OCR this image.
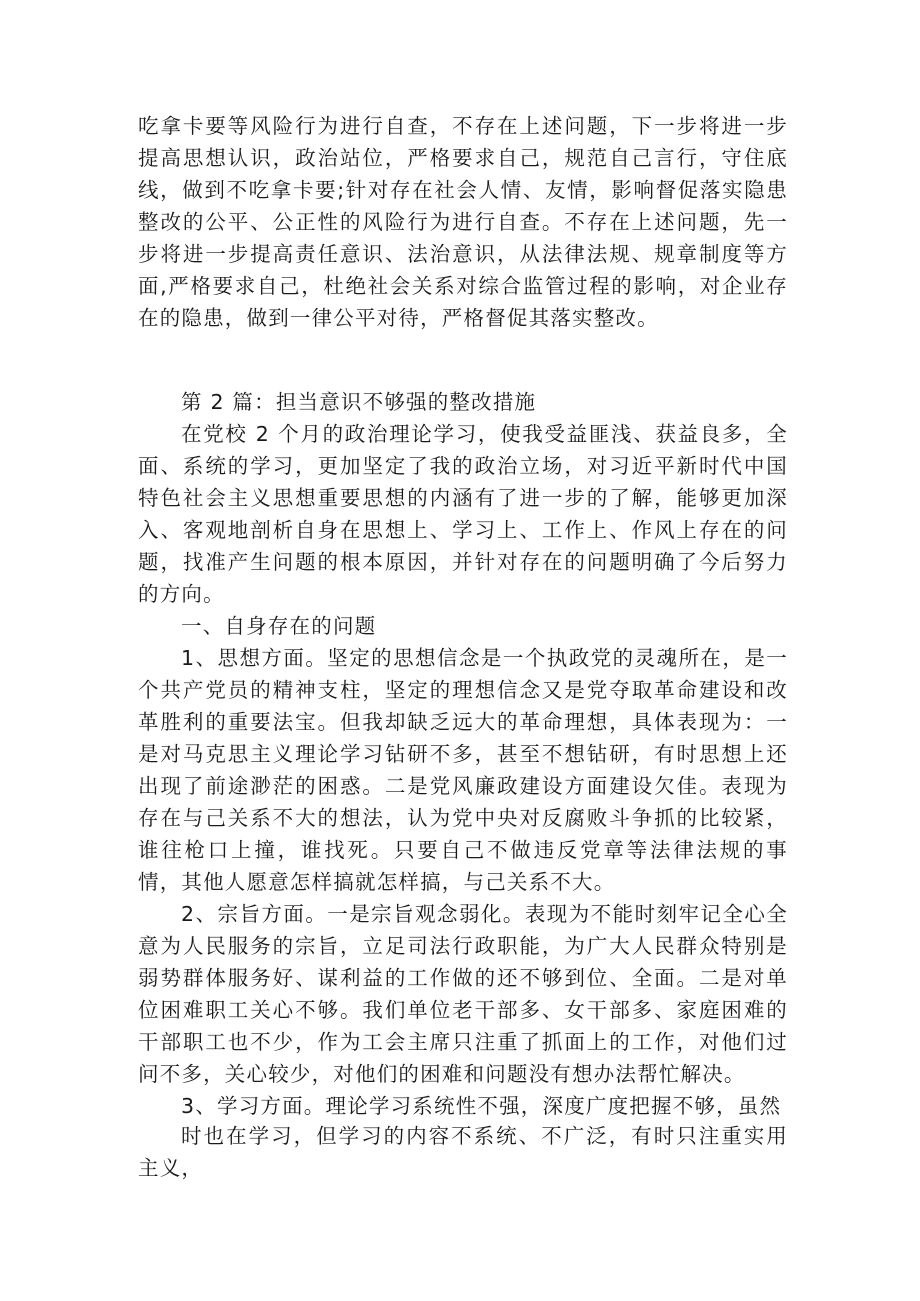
吃拿卡要等风险行为进行自查，不存在上述问题，下一步将进一步提高思想认识，政治站位，严格要求自己，规范自己言行，守住底线，做到不吃拿卡要;针对存在社会人情、友情，影响督促落实隐患整改的公平、公正性的风险行为进行自查。不存在上述问题，先一步将进一步提高责任意识、法治意识，从法律法规、规章制度等方面,严格要求自己，杜绝社会关系对综合监管过程的影响，对企业存在的隐患，做到一律公平对待，严格督促其落实整改。

第 2 篇：担当意识不够强的整改措施

在党校 2 个月的政治理论学习，使我受益匪浅、获益良多，全面、系统的学习，更加坚定了我的政治立场，对习近平新时代中国特色社会主义思想重要思想的内涵有了进一步的了解，能够更加深入、客观地剖析自身在思想上、学习上、工作上、作风上存在的问题，找准产生问题的根本原因，并针对存在的问题明确了今后努力的方向。

一、自身存在的问题

1、思想方面。坚定的思想信念是一个执政党的灵魂所在，是一个共产党员的精神支柱，坚定的理想信念又是党夺取革命建设和改革胜利的重要法宝。但我却缺乏远大的革命理想，具体表现为：一是对马克思主义理论学习钻研不多，甚至不想钻研，有时思想上还出现了前途渺茫的困惑。二是党风廉政建设方面建设欠佳。表现为存在与己关系不大的想法，认为党中央对反腐败斗争抓的比较紧，谁往枪口上撞，谁找死。只要自己不做违反党章等法律法规的事情，其他人愿意怎样搞就怎样搞，与己关系不大。

2、宗旨方面。一是宗旨观念弱化。表现为不能时刻牢记全心全意为人民服务的宗旨，立足司法行政职能，为广大人民群众特别是弱势群体服务好、谋利益的工作做的还不够到位、全面。二是对单位困难职工关心不够。我们单位老干部多、女干部多、家庭困难的干部职工也不少，作为工会主席只注重了抓面上的工作，对他们过问不多，关心较少，对他们的困难和问题没有想办法帮忙解决。

3、学习方面。理论学习系统性不强，深度广度把握不够，虽然

时也在学习，但学习的内容不系统、不广泛，有时只注重实用主义，
